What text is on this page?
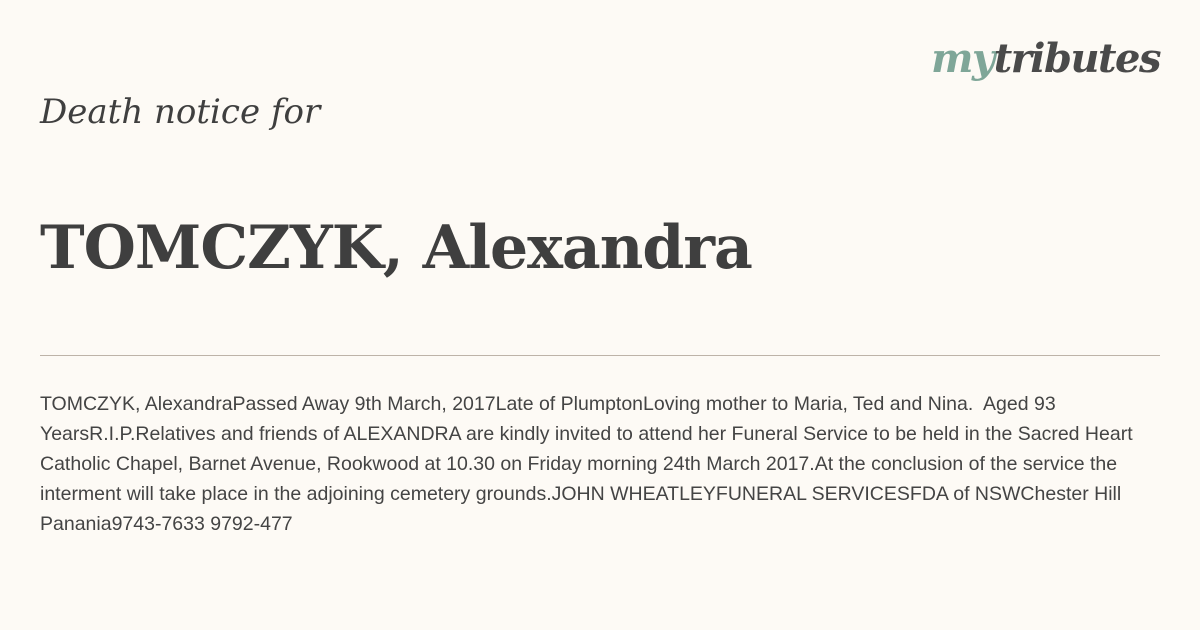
mytributes
Death notice for
TOMCZYK, Alexandra
TOMCZYK, AlexandraPassed Away 9th March, 2017Late of PlumptonLoving mother to Maria, Ted and Nina.  Aged 93 YearsR.I.P.Relatives and friends of ALEXANDRA are kindly invited to attend her Funeral Service to be held in the Sacred Heart Catholic Chapel, Barnet Avenue, Rookwood at 10.30 on Friday morning 24th March 2017.At the conclusion of the service the interment will take place in the adjoining cemetery grounds.JOHN WHEATLEYFUNERAL SERVICESFDA of NSWChester Hill Panania9743-7633 9792-477
